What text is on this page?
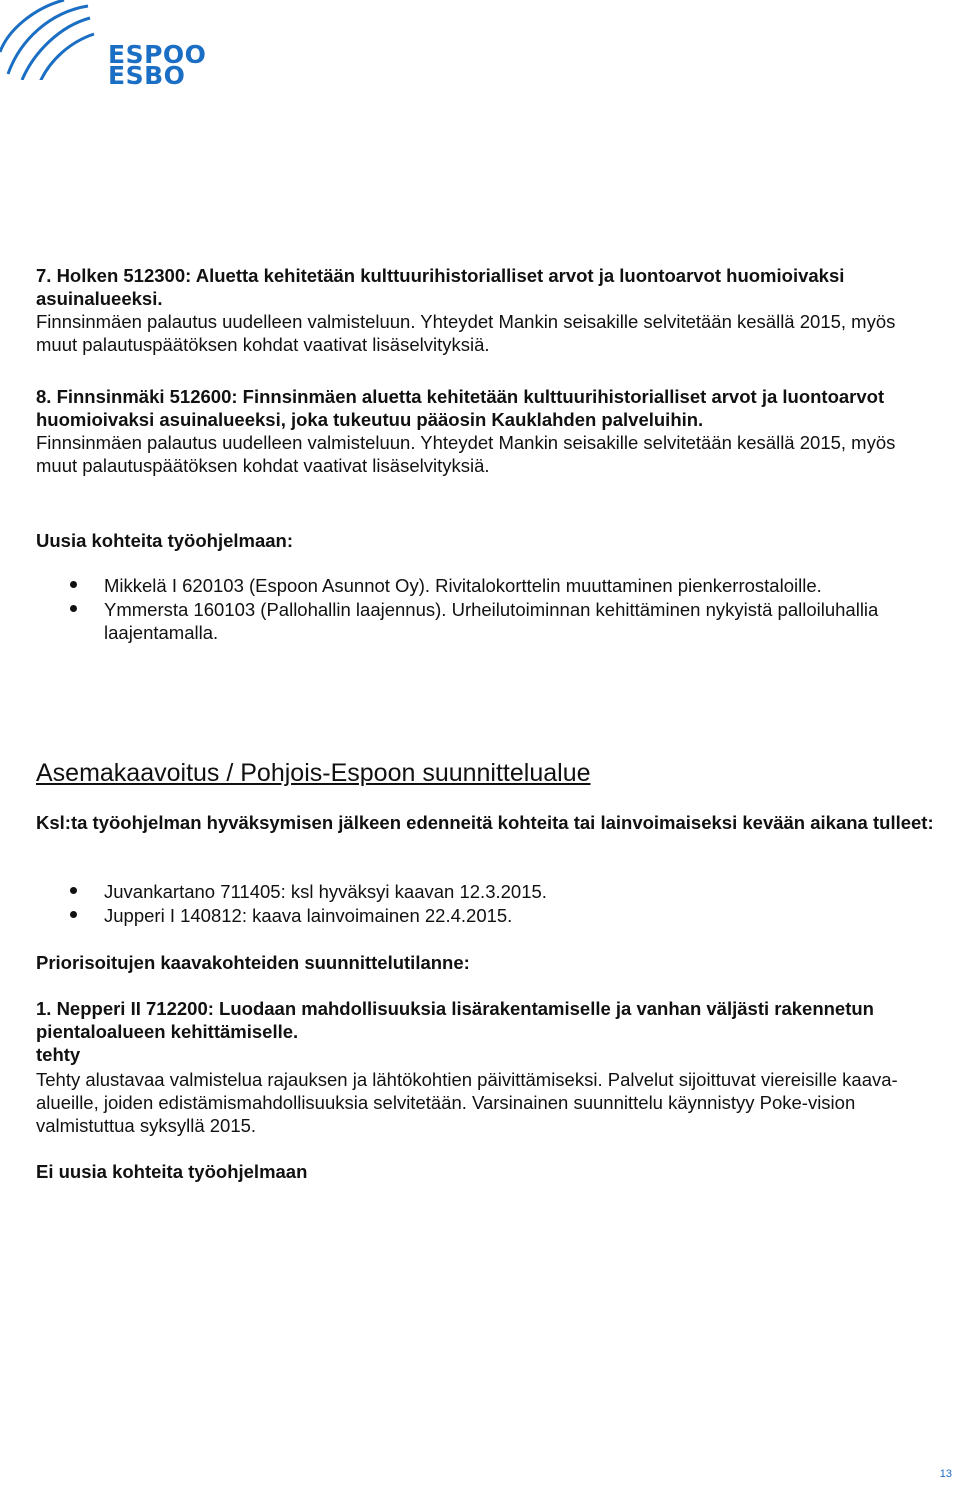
ESPOO
ESBO

7. Holken 512300: Aluetta kehitetään kulttuurihistorialliset arvot ja luontoarvot huomioivaksi asuinalueeksi.

Finnsinmäen palautus uudelleen valmisteluun. Yhteydet Mankin seisakille selvitetään kesällä 2015, myös muut palautuspäätöksen kohdat vaativat lisäselvityksiä.

8. Finnsinmäki 512600: Finnsinmäen aluetta kehitetään kulttuurihistorialliset arvot ja luontoarvot huomioivaksi asuinalueeksi, joka tukeutuu pääosin Kauklahden palveluihin.

Finnsinmäen palautus uudelleen valmisteluun. Yhteydet Mankin seisakille selvitetään kesällä 2015, myös muut palautuspäätöksen kohdat vaativat lisäselvityksiä.

Uusia kohteita työohjelmaan:

Mikkelä I 620103 (Espoon Asunnot Oy). Rivitalokorttelin muuttaminen pienkerrostaloille.

Ymmersta 160103 (Pallohallin laajennus). Urheilutoiminnan kehittäminen nykyistä palloiluhallia laajentamalla.

Asemakaavoitus / Pohjois-Espoon suunnittelualue

Ksl:ta työohjelman hyväksymisen jälkeen edenneitä kohteita tai lainvoimaiseksi kevään aikana tulleet:

Juvankartano 711405: ksl hyväksyi kaavan 12.3.2015.

Jupperi I 140812: kaava lainvoimainen 22.4.2015.

Priorisoitujen kaavakohteiden suunnittelutilanne:

1. Nepperi II 712200: Luodaan mahdollisuuksia lisärakentamiselle ja vanhan väljästi rakennetun pientaloalueen kehittämiselle.

tehty

Tehty alustavaa valmistelua rajauksen ja lähtökohtien päivittämiseksi. Palvelut sijoittuvat viereisille kaava-alueille, joiden edistämismahdollisuuksia selvitetään. Varsinainen suunnittelu käynnistyy Poke-vision valmistuttua syksyllä 2015.

Ei uusia kohteita työohjelmaan

13
